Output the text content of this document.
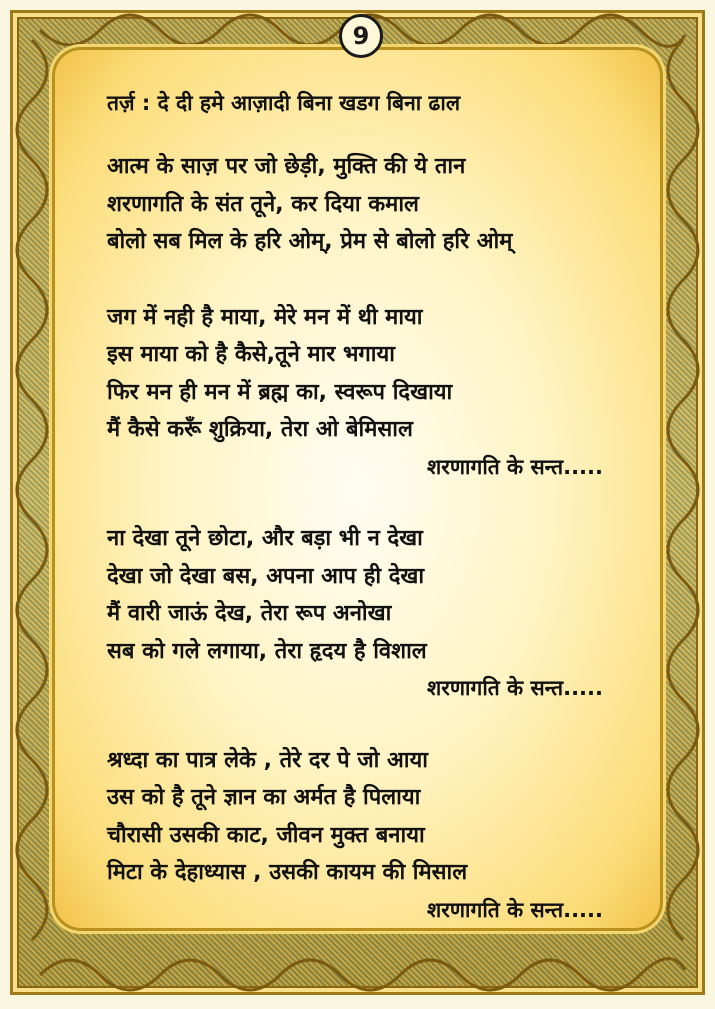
9

तर्ज़ : दे दी हमे आज़ादी बिना खडग बिना ढाल

आत्म के साज़ पर जो छेड़ी, मुक्ति की ये तान

शरणागति के संत तूने, कर दिया कमाल

बोलो सब मिल के हरि ओम्, प्रेम से बोलो हरि ओम्

जग में नही है माया, मेरे मन में थी माया

इस माया को है कैसे,तूने मार भगाया

फिर मन ही मन में ब्रह्म का, स्वरूप दिखाया

मैं कैसे करूँ शुक्रिया, तेरा ओ बेमिसाल

शरणागति के सन्त.....

ना देखा तूने छोटा, और बड़ा भी न देखा

देखा जो देखा बस, अपना आप ही देखा

मैं वारी जाऊं देख, तेरा रूप अनोखा

सब को गले लगाया, तेरा हृदय है विशाल

शरणागति के सन्त.....

श्रध्दा का पात्र लेके , तेरे दर पे जो आया

उस को है तूने ज्ञान का अर्मत है पिलाया

चौरासी उसकी काट, जीवन मुक्त बनाया

मिटा के देहाध्यास , उसकी कायम की मिसाल

शरणागति के सन्त.....
